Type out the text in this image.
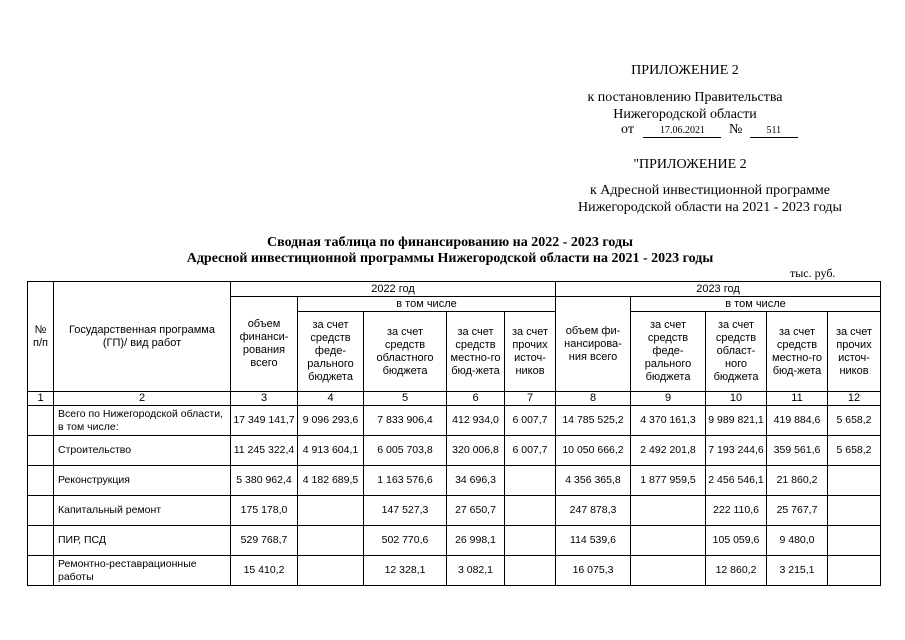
ПРИЛОЖЕНИЕ 2
к постановлению Правительства
Нижегородской области
от	17.06.2021 № 511
"ПРИЛОЖЕНИЕ 2
к Адресной инвестиционной программе
Нижегородской области на 2021 - 2023 годы
Сводная таблица по финансированию на 2022 - 2023 годы
Адресной инвестиционной программы Нижегородской области на 2021 - 2023 годы
тыс. руб.
№ п/п	Государственная программа (ГП)/ вид работ	2022 год					2023 год				
		объем финанси-рования всего	в том числе				объем фи-нансирова-ния всего	в том числе			
			за счет средств феде-рального бюджета	за счет средств областного бюджета	за счет средств местно-го бюд-жета	за счет прочих источ-ников		за счет средств феде-рального бюджета	за счет средств област-ного бюджета	за счет средств местно-го бюд-жета	за счет прочих источ-ников
1	2	3	4	5	6	7	8	9	10	11	12
	Всего по Нижегородской области, в том числе:	17 349 141,7	9 096 293,6	7 833 906,4	412 934,0	6 007,7	14 785 525,2	4 370 161,3	9 989 821,1	419 884,6	5 658,2
	Строительство	11 245 322,4	4 913 604,1	6 005 703,8	320 006,8	6 007,7	10 050 666,2	2 492 201,8	7 193 244,6	359 561,6	5 658,2
	Реконструкция	5 380 962,4	4 182 689,5	1 163 576,6	34 696,3		4 356 365,8	1 877 959,5	2 456 546,1	21 860,2	
	Капитальный ремонт	175 178,0		147 527,3	27 650,7		247 878,3		222 110,6	25 767,7	
	ПИР, ПСД	529 768,7		502 770,6	26 998,1		114 539,6		105 059,6	9 480,0	
	Ремонтно-реставрационные работы	15 410,2		12 328,1	3 082,1		16 075,3		12 860,2	3 215,1	
